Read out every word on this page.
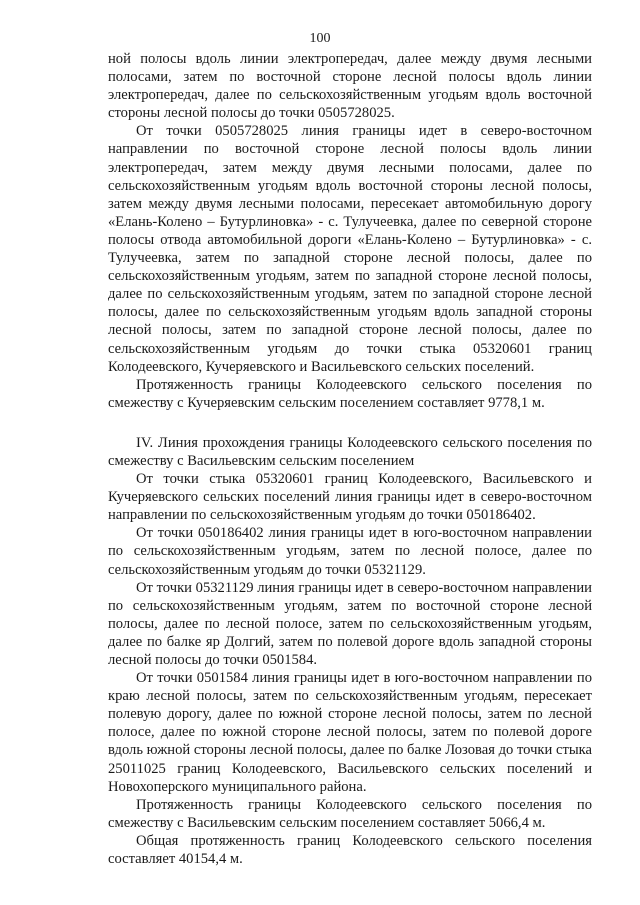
100

ной полосы вдоль линии электропередач, далее между двумя лесными полосами, затем по восточной стороне лесной полосы вдоль линии электропередач, далее по сельскохозяйственным угодьям вдоль восточной стороны лесной полосы до точки 0505728025.

От точки 0505728025 линия границы идет в северо-восточном направлении по восточной стороне лесной полосы вдоль линии электропередач, затем между двумя лесными полосами, далее по сельскохозяйственным угодьям вдоль восточной стороны лесной полосы, затем между двумя лесными полосами, пересекает автомобильную дорогу «Елань-Колено – Бутурлиновка» - с. Тулучеевка, далее по северной стороне полосы отвода автомобильной дороги «Елань-Колено – Бутурлиновка» - с. Тулучеевка, затем по западной стороне лесной полосы, далее по сельскохозяйственным угодьям, затем по западной стороне лесной полосы, далее по сельскохозяйственным угодьям, затем по западной стороне лесной полосы, далее по сельскохозяйственным угодьям вдоль западной стороны лесной полосы, затем по западной стороне лесной полосы, далее по сельскохозяйственным угодьям до точки стыка 05320601 границ Колодеевского, Кучеряевского и Васильевского сельских поселений.

Протяженность границы Колодеевского сельского поселения по смежеству с Кучеряевским сельским поселением составляет 9778,1 м.

IV. Линия прохождения границы Колодеевского сельского поселения по смежеству с Васильевским сельским поселением

От точки стыка 05320601 границ Колодеевского, Васильевского и Кучеряевского сельских поселений линия границы идет в северо-восточном направлении по сельскохозяйственным угодьям до точки 050186402.

От точки 050186402 линия границы идет в юго-восточном направлении по сельскохозяйственным угодьям, затем по лесной полосе, далее по сельскохозяйственным угодьям до точки 05321129.

От точки 05321129 линия границы идет в северо-восточном направлении по сельскохозяйственным угодьям, затем по восточной стороне лесной полосы, далее по лесной полосе, затем по сельскохозяйственным угодьям, далее по балке яр Долгий, затем по полевой дороге вдоль западной стороны лесной полосы до точки 0501584.

От точки 0501584 линия границы идет в юго-восточном направлении по краю лесной полосы, затем по сельскохозяйственным угодьям, пересекает полевую дорогу, далее по южной стороне лесной полосы, затем по лесной полосе, далее по южной стороне лесной полосы, затем по полевой дороге вдоль южной стороны лесной полосы, далее по балке Лозовая до точки стыка 25011025 границ Колодеевского, Васильевского сельских поселений и Новохоперского муниципального района.

Протяженность границы Колодеевского сельского поселения по смежеству с Васильевским сельским поселением составляет 5066,4 м.

Общая протяженность границ Колодеевского сельского поселения составляет 40154,4 м.
